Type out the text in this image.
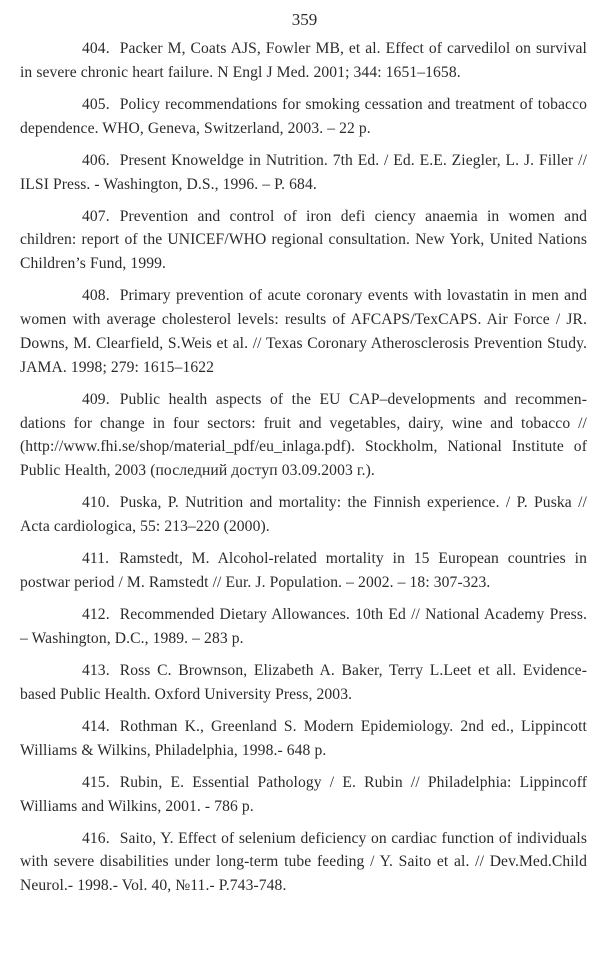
359
404. Packer M, Coats AJS, Fowler MB, et al. Effect of carvedilol on survival in severe chronic heart failure. N Engl J Med. 2001; 344: 1651–1658.
405. Policy recommendations for smoking cessation and treatment of tobacco dependence. WHO, Geneva, Switzerland, 2003. – 22 p.
406. Present Knoweldge in Nutrition. 7th Ed. / Ed. E.E. Ziegler, L. J. Filler // ILSI Press. - Washington, D.S., 1996. – P. 684.
407. Prevention and control of iron defi ciency anaemia in women and children: report of the UNICEF/WHO regional consultation. New York, United Nations Children’s Fund, 1999.
408. Primary prevention of acute coronary events with lovastatin in men and women with average cholesterol levels: results of AFCAPS/TexCAPS. Air Force / JR. Downs, M. Clearfield, S.Weis et al. // Texas Coronary Atherosclerosis Prevention Study. JAMA. 1998; 279: 1615–1622
409. Public health aspects of the EU CAP–developments and recommen-dations for change in four sectors: fruit and vegetables, dairy, wine and tobacco // (http://www.fhi.se/shop/material_pdf/eu_inlaga.pdf). Stockholm, National Institute of Public Health, 2003 (последний доступ 03.09.2003 г.).
410. Puska, P. Nutrition and mortality: the Finnish experience. / P. Puska // Acta cardiologica, 55: 213–220 (2000).
411. Ramstedt, M. Alcohol-related mortality in 15 European countries in postwar period / M. Ramstedt // Eur. J. Population. – 2002. – 18: 307-323.
412. Recommended Dietary Allowances. 10th Ed // National Academy Press. – Washington, D.C., 1989. – 283 p.
413. Ross C. Brownson, Elizabeth A. Baker, Terry L.Leet et all. Evidence-based Public Health. Oxford University Press, 2003.
414. Rothman K., Greenland S. Modern Epidemiology. 2nd ed., Lippincott Williams & Wilkins, Philadelphia, 1998.- 648 p.
415. Rubin, E. Essential Pathology / E. Rubin // Philadelphia: Lippincoff Williams and Wilkins, 2001. - 786 p.
416. Saito, Y. Effect of selenium deficiency on cardiac function of individuals with severe disabilities under long-term tube feeding / Y. Saito et al. // Dev.Med.Child Neurol.- 1998.- Vol. 40, №11.- P.743-748.
